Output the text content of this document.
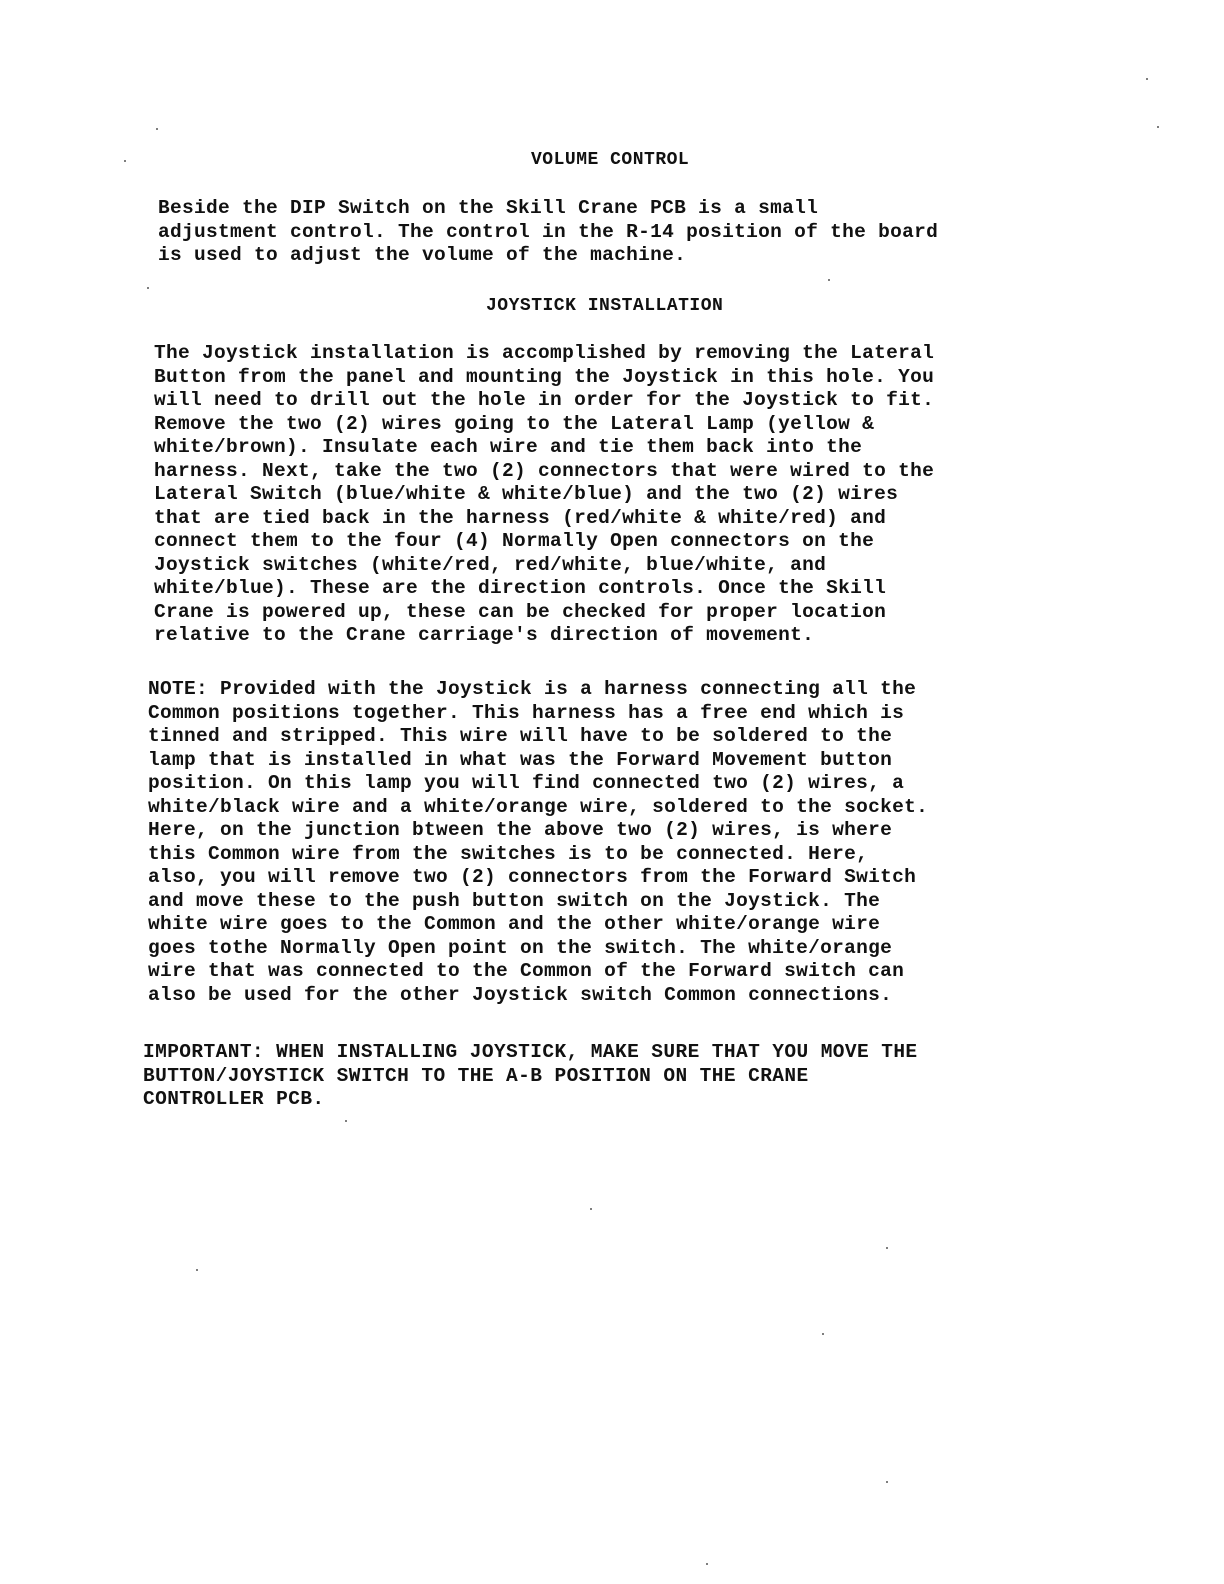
VOLUME CONTROL
Beside the DIP Switch on the Skill Crane PCB is a small
adjustment control. The control in the R-14 position of the board
is used to adjust the volume of the machine.
JOYSTICK INSTALLATION
The Joystick installation is accomplished by removing the Lateral
Button from the panel and mounting the Joystick in this hole. You
will need to drill out the hole in order for the Joystick to fit.
Remove the two (2) wires going to the Lateral Lamp (yellow &
white/brown). Insulate each wire and tie them back into the
harness. Next, take the two (2) connectors that were wired to the
Lateral Switch (blue/white & white/blue) and the two (2) wires
that are tied back in the harness (red/white & white/red) and
connect them to the four (4) Normally Open connectors on the
Joystick switches (white/red, red/white, blue/white, and
white/blue). These are the direction controls. Once the Skill
Crane is powered up, these can be checked for proper location
relative to the Crane carriage's direction of movement.
NOTE: Provided with the Joystick is a harness connecting all the
Common positions together. This harness has a free end which is
tinned and stripped. This wire will have to be soldered to the
lamp that is installed in what was the Forward Movement button
position. On this lamp you will find connected two (2) wires, a
white/black wire and a white/orange wire, soldered to the socket.
Here, on the junction btween the above two (2) wires, is where
this Common wire from the switches is to be connected. Here,
also, you will remove two (2) connectors from the Forward Switch
and move these to the push button switch on the Joystick. The
white wire goes to the Common and the other white/orange wire
goes tothe Normally Open point on the switch. The white/orange
wire that was connected to the Common of the Forward switch can
also be used for the other Joystick switch Common connections.
IMPORTANT: WHEN INSTALLING JOYSTICK, MAKE SURE THAT YOU MOVE THE
BUTTON/JOYSTICK SWITCH TO THE A-B POSITION ON THE CRANE
CONTROLLER PCB.
